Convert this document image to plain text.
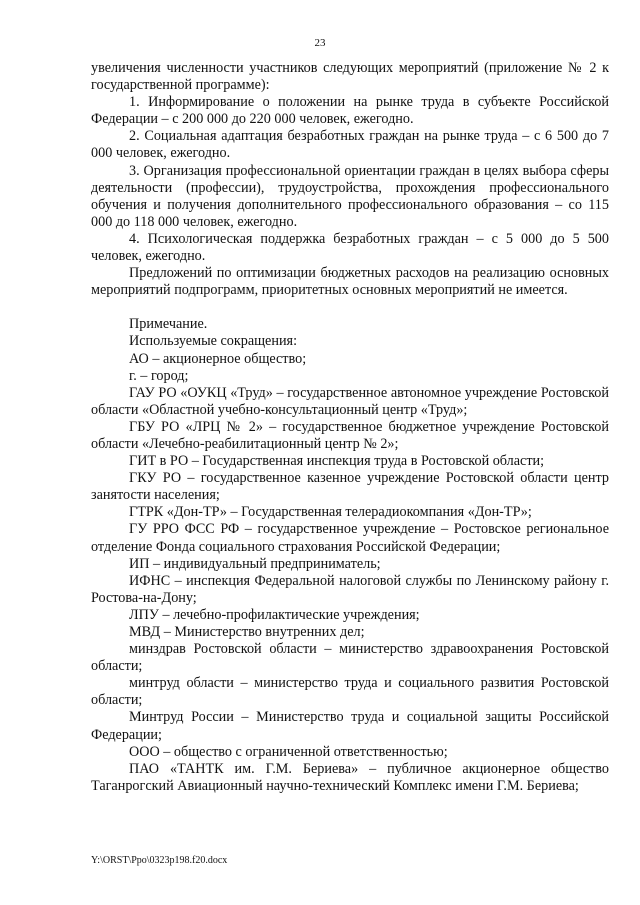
23

увеличения численности участников следующих мероприятий (приложение № 2 к государственной программе):

1. Информирование о положении на рынке труда в субъекте Российской Федерации – с 200 000 до 220 000 человек, ежегодно.

2. Социальная адаптация безработных граждан на рынке труда – с 6 500 до 7 000 человек, ежегодно.

3. Организация профессиональной ориентации граждан в целях выбора сферы деятельности (профессии), трудоустройства, прохождения профессионального обучения и получения дополнительного профессионального образования – со 115 000 до 118 000 человек, ежегодно.

4. Психологическая поддержка безработных граждан – с 5 000 до 5 500 человек, ежегодно.

Предложений по оптимизации бюджетных расходов на реализацию основных мероприятий подпрограмм, приоритетных основных мероприятий не имеется.

Примечание.

Используемые сокращения:

АО – акционерное общество;

г. – город;

ГАУ РО «ОУКЦ «Труд» – государственное автономное учреждение Ростовской области «Областной учебно-консультационный центр «Труд»;

ГБУ РО «ЛРЦ № 2» – государственное бюджетное учреждение Ростовской области «Лечебно-реабилитационный центр № 2»;

ГИТ в РО – Государственная инспекция труда в Ростовской области;

ГКУ РО – государственное казенное учреждение Ростовской области центр занятости населения;

ГТРК «Дон-ТР» – Государственная телерадиокомпания «Дон-ТР»;

ГУ РРО ФСС РФ – государственное учреждение – Ростовское региональное отделение Фонда социального страхования Российской Федерации;

ИП – индивидуальный предприниматель;

ИФНС – инспекция Федеральной налоговой службы по Ленинскому району г. Ростова-на-Дону;

ЛПУ – лечебно-профилактические учреждения;

МВД – Министерство внутренних дел;

минздрав Ростовской области – министерство здравоохранения Ростовской области;

минтруд области – министерство труда и социального развития Ростовской области;

Минтруд России – Министерство труда и социальной защиты Российской Федерации;

ООО – общество с ограниченной ответственностью;

ПАО «ТАНТК им. Г.М. Бериева» – публичное акционерное общество Таганрогский Авиационный научно-технический Комплекс имени Г.М. Бериева;

Y:\ORST\Ppo\0323p198.f20.docx
